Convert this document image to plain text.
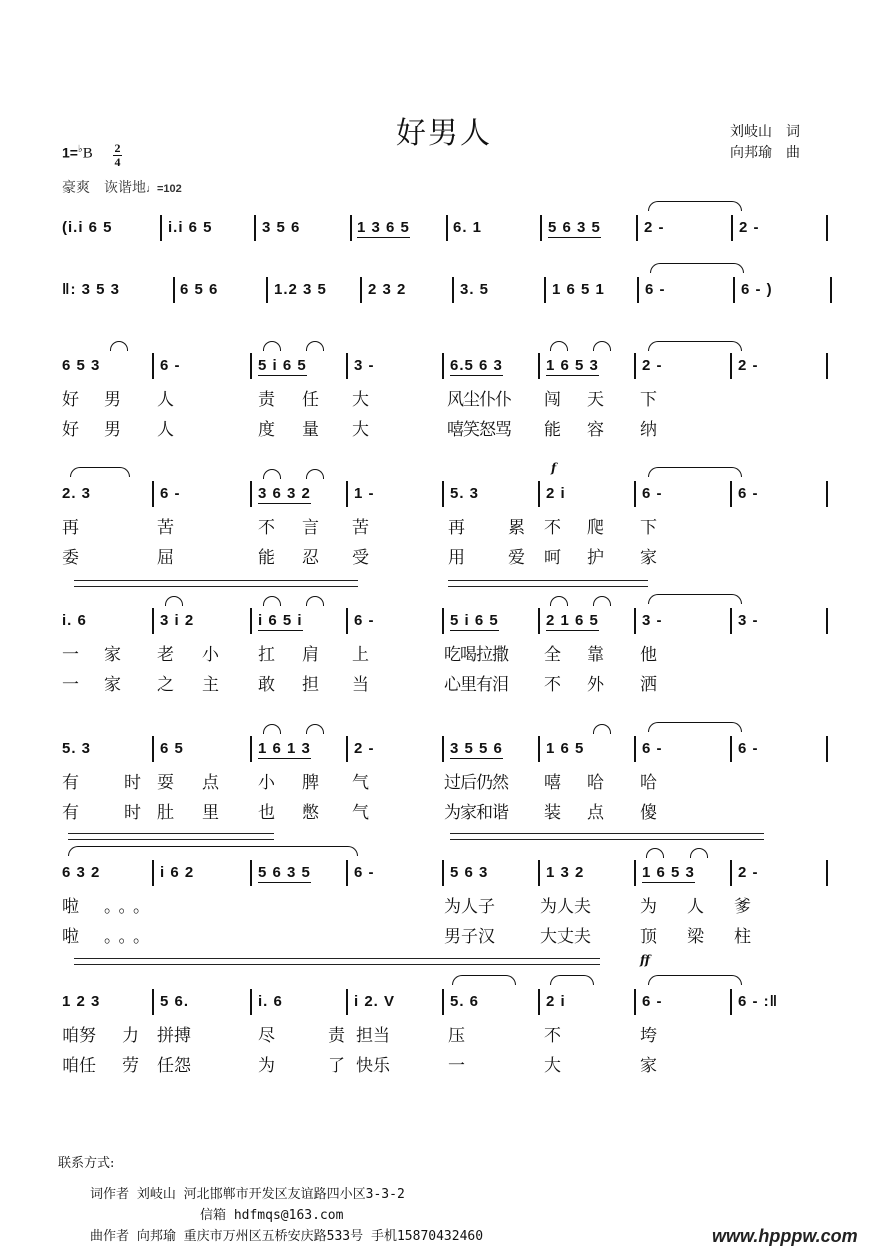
好男人	刘岐山 词
向邦瑜 曲
1=♭B 2
4
豪爽　诙谐地♩=102
(i.i 6 5	i.i 6 5	3 5 6	1 3 6 5	6. 1	5 6 3 5	2 -	2 -
‖: 3 5 3	6 5 6	1.2 3 5	2 3 2	3. 5	1 6 5 1	6 -	6 - )
6 5 3	6 -	5 i 6 5	3 -	6.5 6 3	1 6 5 3	2 -	2 -
好 男 人	责 任 大	风尘仆仆 闯 天 下
好 男 人	度 量 大	嘻笑怒骂 能 容 纳
2. 3	6 -	3 6 3 2	1 -	5. 3	2 i	6 -	6 -
f
再	苦	不 言 苦	再	累 不 爬 下
委	屈	能 忍 受	用	爱 呵 护 家
i. 6	3 i 2	i 6 5 i	6 -	5 i 6 5	2 1 6 5	3 -	3 -
一 家 老 小 扛 肩 上	吃喝拉撒 全 靠 他
一 家 之 主 敢 担 当	心里有泪 不 外 洒
5. 3	6 5	1 6 1 3	2 -	3 5 5 6	1 6 5	6 -	6 -
有	时 耍 点 小 脾 气	过后仍然 嘻 哈 哈
有	时 肚 里 也 憋 气	为家和谐 装 点 傻
6 3 2	i 6 2	5 6 3 5	6 -	5 6 3	1 3 2	1 6 5 3	2 -
啦 。。。	为人子	为人夫	为 人 爹
啦 。。。	男子汉	大丈夫	顶 梁 柱
1 2 3	5 6.	i. 6	i 2. V	5. 6	2 i	6 -	6 - :‖
ff
咱努 力 拼搏	尽	责 担当	压	不	垮
咱任 劳 任怨	为	了 快乐	一	大	家
联系方式:
词作者 刘岐山 河北邯郸市开发区友谊路四小区3-3-2
信箱 hdfmqs@163.com
曲作者 向邦瑜 重庆市万州区五桥安庆路533号 手机15870432460	www.hpppw.com
